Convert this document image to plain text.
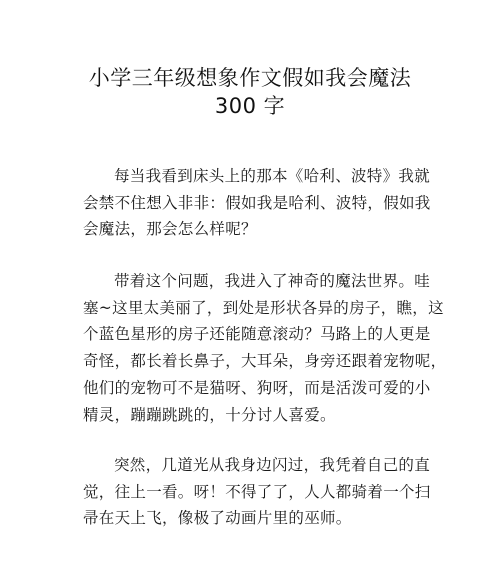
小学三年级想象作文假如我会魔法
300 字
每当我看到床头上的那本《哈利、波特》我就
会禁不住想入非非：假如我是哈利、波特，假如我
会魔法，那会怎么样呢？
带着这个问题，我进入了神奇的魔法世界。哇
塞~这里太美丽了，到处是形状各异的房子，瞧，这
个蓝色星形的房子还能随意滚动？马路上的人更是
奇怪，都长着长鼻子，大耳朵，身旁还跟着宠物呢，
他们的宠物可不是猫呀、狗呀，而是活泼可爱的小
精灵，蹦蹦跳跳的，十分讨人喜爱。
突然，几道光从我身边闪过，我凭着自己的直
觉，往上一看。呀！不得了了，人人都骑着一个扫
帚在天上飞，像极了动画片里的巫师。
